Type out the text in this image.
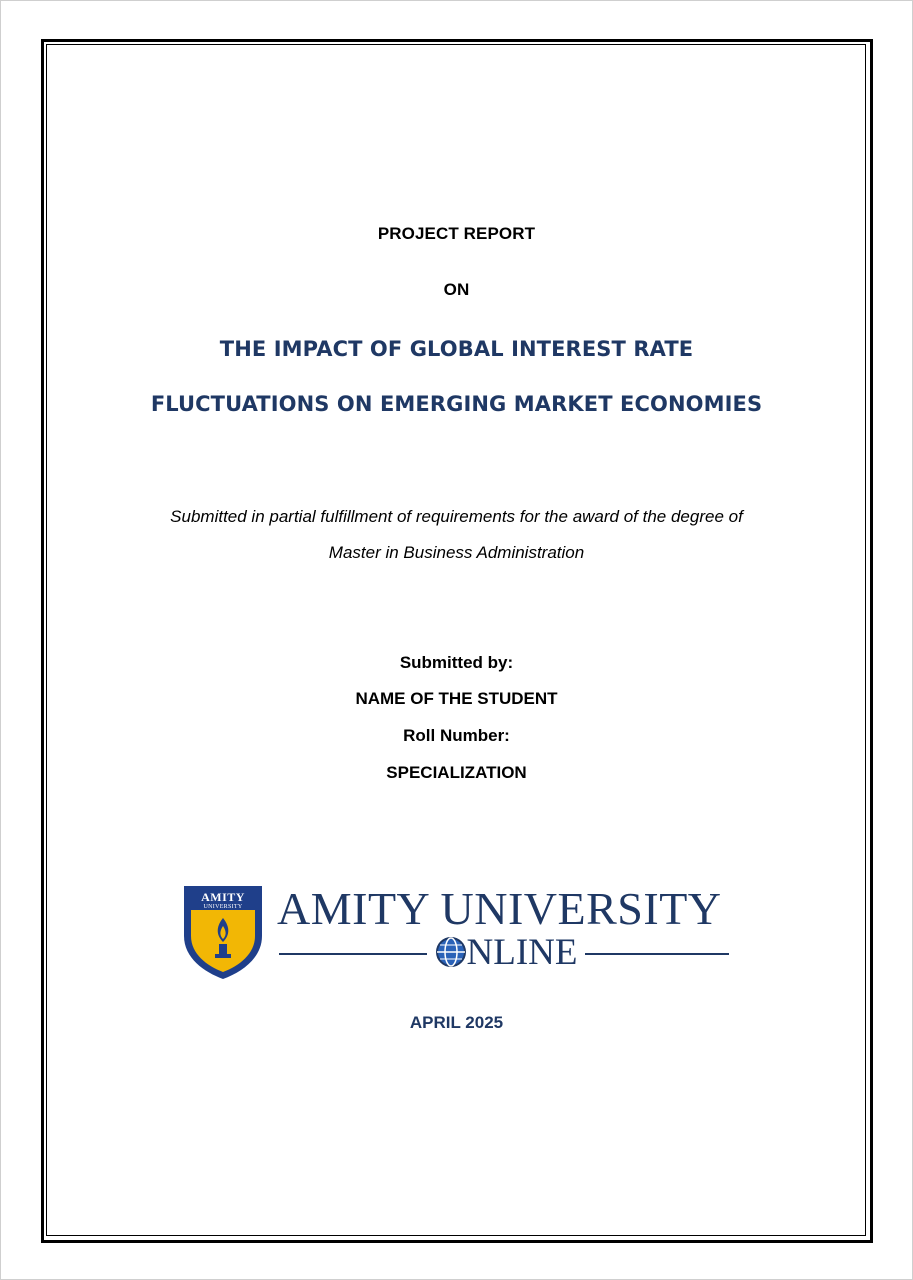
PROJECT REPORT
ON
THE IMPACT OF GLOBAL INTEREST RATE
FLUCTUATIONS ON EMERGING MARKET ECONOMIES
Submitted in partial fulfillment of requirements for the award of the degree of
Master in Business Administration
Submitted by:
NAME OF THE STUDENT
Roll Number:
SPECIALIZATION
AMITY
UNIVERSITY AMITY UNIVERSITY
NLINE
APRIL 2025
